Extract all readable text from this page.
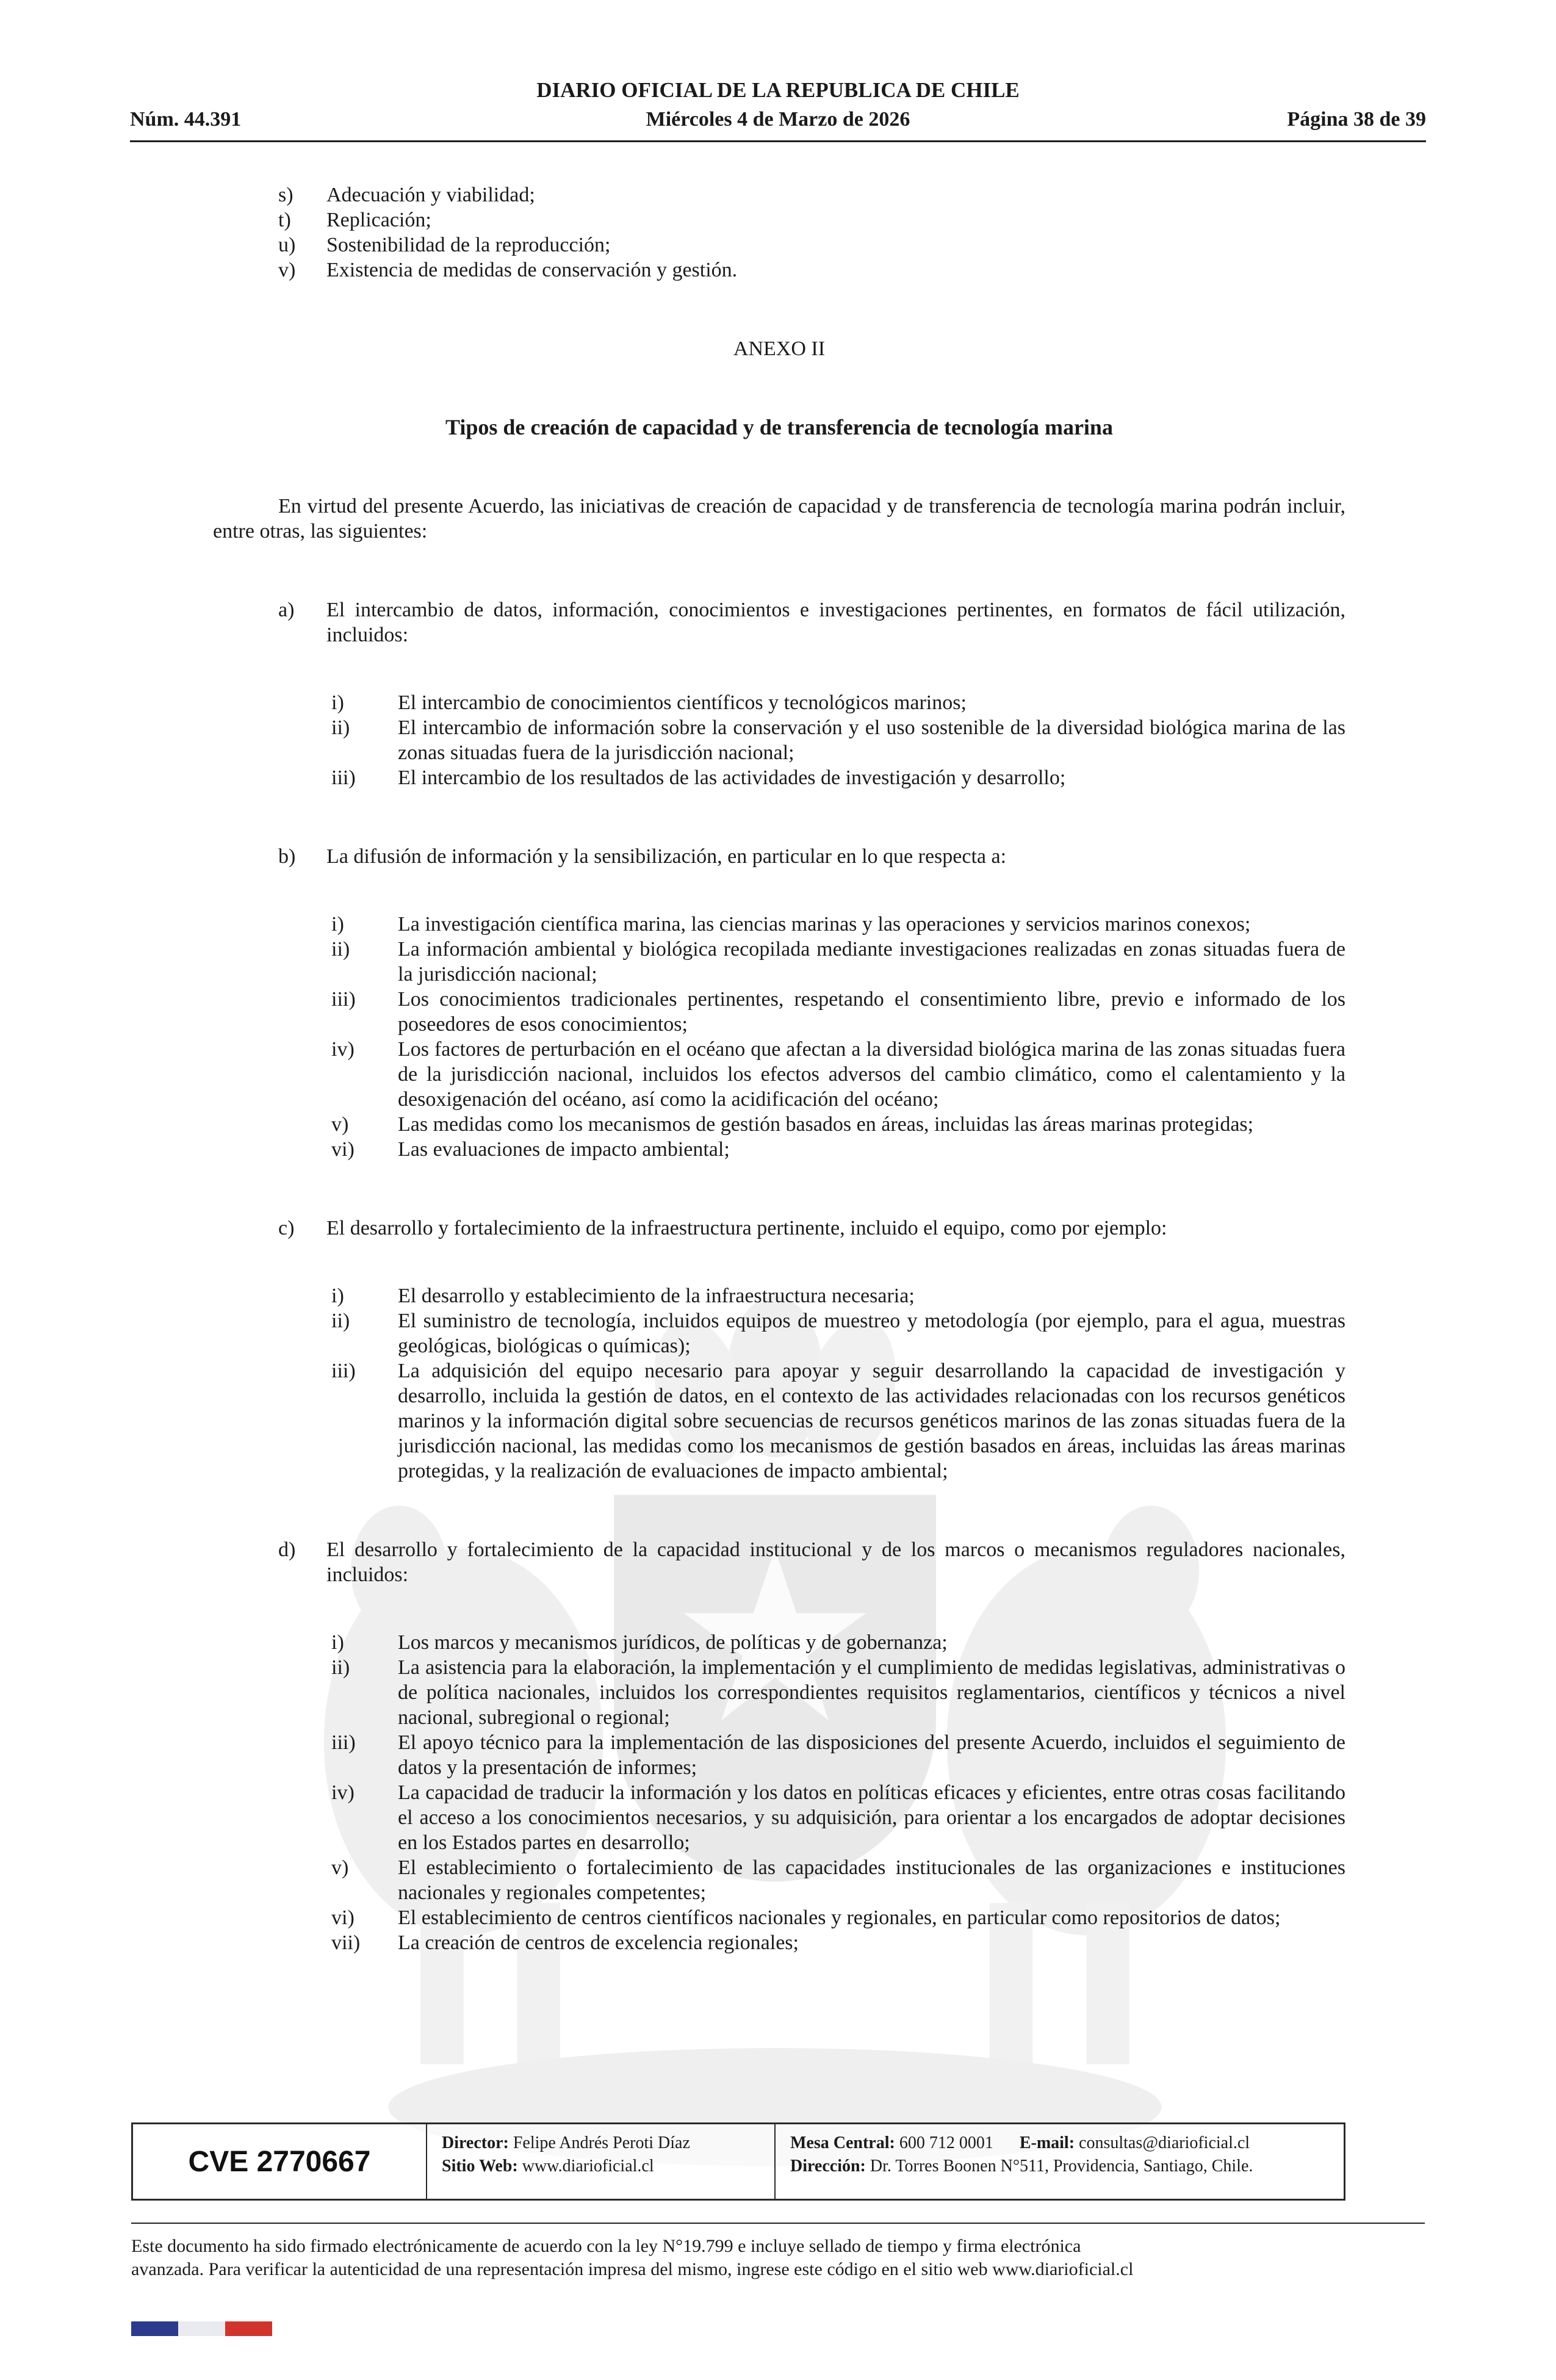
DIARIO OFICIAL DE LA REPUBLICA DE CHILE
Núm. 44.391	Miércoles 4 de Marzo de 2026	Página 38 de 39
s) Adecuación y viabilidad;
t) Replicación;
u) Sostenibilidad de la reproducción;
v) Existencia de medidas de conservación y gestión.
ANEXO II
Tipos de creación de capacidad y de transferencia de tecnología marina
En virtud del presente Acuerdo, las iniciativas de creación de capacidad y de transferencia de tecnología marina podrán incluir, entre otras, las siguientes:
a) El intercambio de datos, información, conocimientos e investigaciones pertinentes, en formatos de fácil utilización, incluidos:
i)	El intercambio de conocimientos científicos y tecnológicos marinos;
ii) El intercambio de información sobre la conservación y el uso sostenible de la diversidad biológica marina de las zonas situadas fuera de la jurisdicción nacional;
iii) El intercambio de los resultados de las actividades de investigación y desarrollo;
b) La difusión de información y la sensibilización, en particular en lo que respecta a:
i)	La investigación científica marina, las ciencias marinas y las operaciones y servicios marinos conexos;
ii) La información ambiental y biológica recopilada mediante investigaciones realizadas en zonas situadas fuera de la jurisdicción nacional;
iii) Los conocimientos tradicionales pertinentes, respetando el consentimiento libre, previo e informado de los poseedores de esos conocimientos;
iv) Los factores de perturbación en el océano que afectan a la diversidad biológica marina de las zonas situadas fuera de la jurisdicción nacional, incluidos los efectos adversos del cambio climático, como el calentamiento y la desoxigenación del océano, así como la acidificación del océano;
v) Las medidas como los mecanismos de gestión basados en áreas, incluidas las áreas marinas protegidas;
vi) Las evaluaciones de impacto ambiental;
c) El desarrollo y fortalecimiento de la infraestructura pertinente, incluido el equipo, como por ejemplo:
i)	El desarrollo y establecimiento de la infraestructura necesaria;
ii) El suministro de tecnología, incluidos equipos de muestreo y metodología (por ejemplo, para el agua, muestras geológicas, biológicas o químicas);
iii) La adquisición del equipo necesario para apoyar y seguir desarrollando la capacidad de investigación y desarrollo, incluida la gestión de datos, en el contexto de las actividades relacionadas con los recursos genéticos marinos y la información digital sobre secuencias de recursos genéticos marinos de las zonas situadas fuera de la jurisdicción nacional, las medidas como los mecanismos de gestión basados en áreas, incluidas las áreas marinas protegidas, y la realización de evaluaciones de impacto ambiental;
d) El desarrollo y fortalecimiento de la capacidad institucional y de los marcos o mecanismos reguladores nacionales, incluidos:
i)	Los marcos y mecanismos jurídicos, de políticas y de gobernanza;
ii) La asistencia para la elaboración, la implementación y el cumplimiento de medidas legislativas, administrativas o de política nacionales, incluidos los correspondientes requisitos reglamentarios, científicos y técnicos a nivel nacional, subregional o regional;
iii) El apoyo técnico para la implementación de las disposiciones del presente Acuerdo, incluidos el seguimiento de datos y la presentación de informes;
iv) La capacidad de traducir la información y los datos en políticas eficaces y eficientes, entre otras cosas facilitando el acceso a los conocimientos necesarios, y su adquisición, para orientar a los encargados de adoptar decisiones en los Estados partes en desarrollo;
v) El establecimiento o fortalecimiento de las capacidades institucionales de las organizaciones e instituciones nacionales y regionales competentes;
vi) El establecimiento de centros científicos nacionales y regionales, en particular como repositorios de datos;
vii) La creación de centros de excelencia regionales;
CVE 2770667
Director: Felipe Andrés Peroti Díaz
Sitio Web: www.diarioficial.cl
Mesa Central: 600 712 0001 E-mail: consultas@diarioficial.cl
Dirección: Dr. Torres Boonen N°511, Providencia, Santiago, Chile.
Este documento ha sido firmado electrónicamente de acuerdo con la ley N°19.799 e incluye sellado de tiempo y firma electrónica
avanzada. Para verificar la autenticidad de una representación impresa del mismo, ingrese este código en el sitio web www.diarioficial.cl
